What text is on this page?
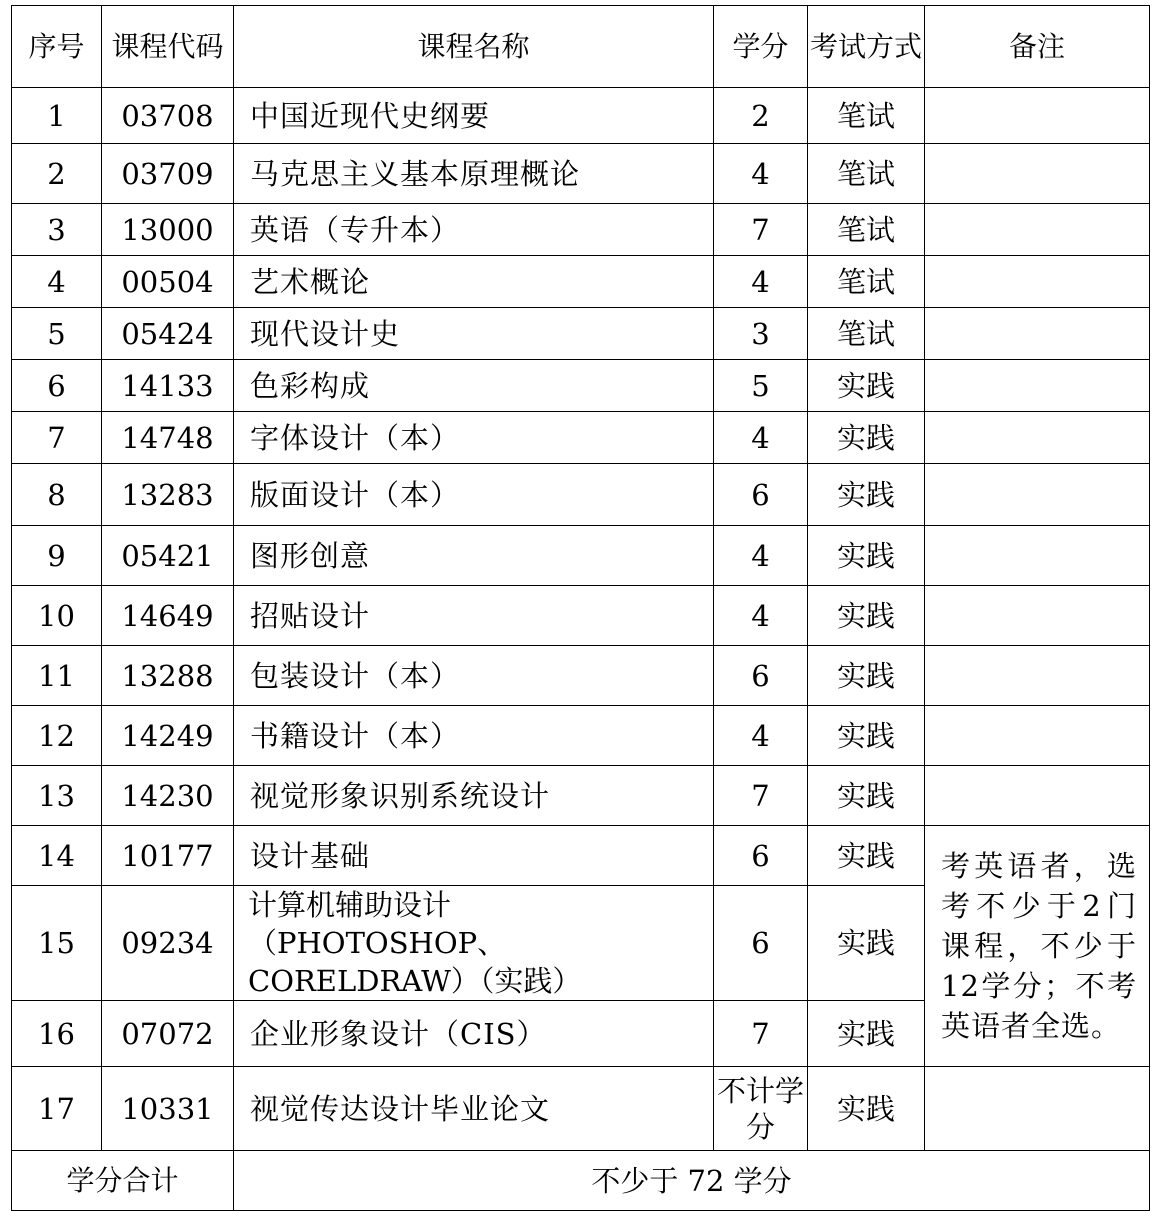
序号	课程代码	课程名称	学分	考试方式	备注
1	03708	中国近现代史纲要	2	笔试	
2	03709	马克思主义基本原理概论	4	笔试	
3	13000	英语（专升本）	7	笔试	
4	00504	艺术概论	4	笔试	
5	05424	现代设计史	3	笔试	
6	14133	色彩构成	5	实践	
7	14748	字体设计（本）	4	实践	
8	13283	版面设计（本）	6	实践	
9	05421	图形创意	4	实践	
10	14649	招贴设计	4	实践	
11	13288	包装设计（本）	6	实践	
12	14249	书籍设计（本）	4	实践	
13	14230	视觉形象识别系统设计	7	实践	
14	10177	设计基础	6	实践	考英语者，选考不少于2门课程，不少于12学分；不考英语者全选。
15	09234	计算机辅助设计（PHOTOSHOP、CORELDRAW）（实践）	6	实践	
16	07072	企业形象设计（CIS）	7	实践	
17	10331	视觉传达设计毕业论文	不计学分	实践	
学分合计		不少于 72 学分			
